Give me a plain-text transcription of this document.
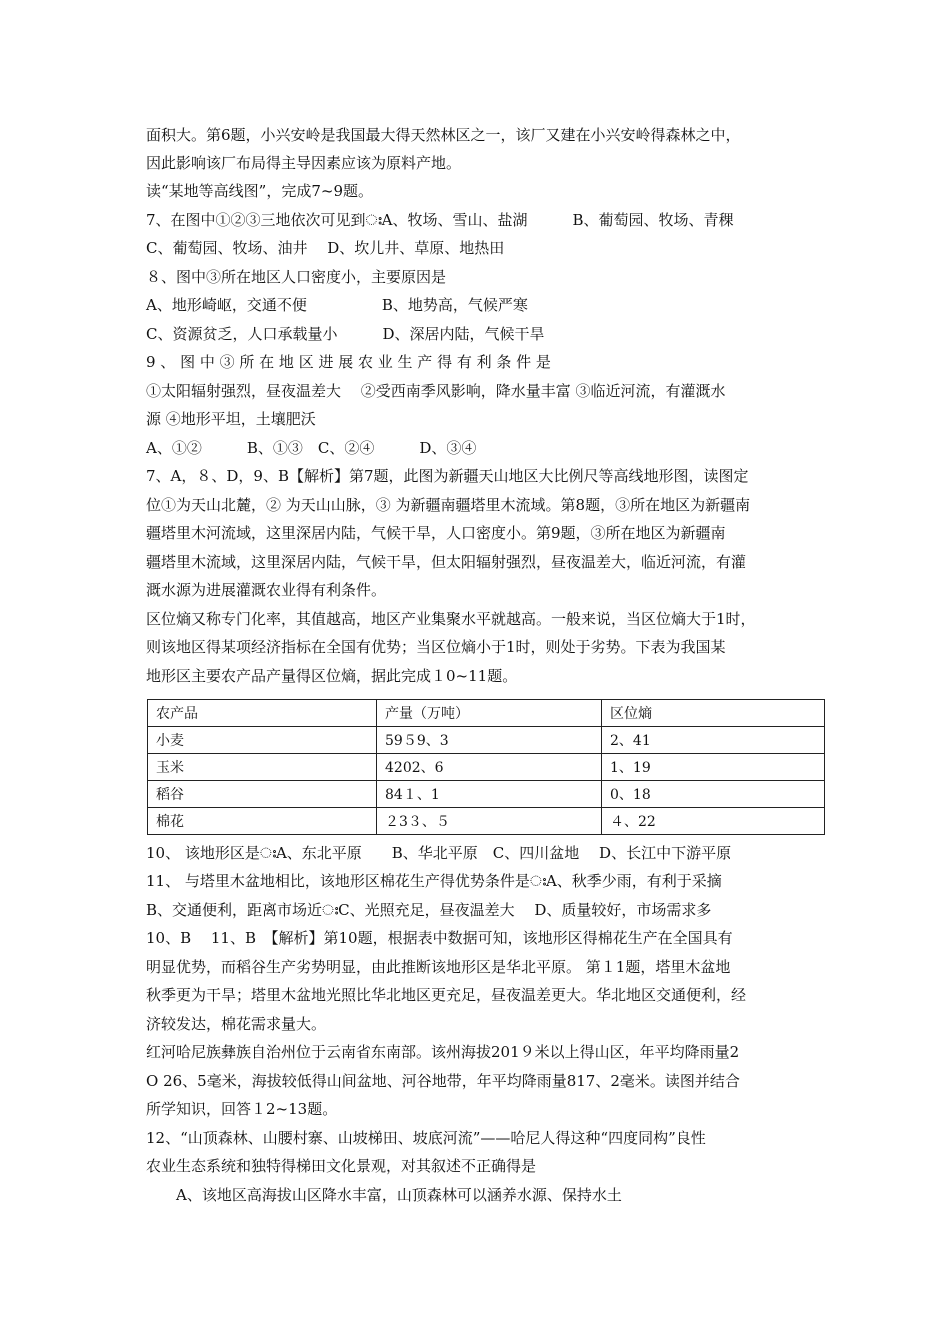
面积大。第6题，小兴安岭是我国最大得天然林区之一，该厂又建在小兴安岭得森林之中，
因此影响该厂布局得主导因素应该为原料产地。
读“某地等高线图”，完成7~9题。
7、在图中①②③三地依次可见到ഃA、牧场、雪山、盐湖　　　B、葡萄园、牧场、青稞
C、葡萄园、牧场、油井　 D、坎儿井、草原、地热田
８、图中③所在地区人口密度小，主要原因是
A、地形崎岖，交通不便　　　　　B、地势高，气候严寒
C、资源贫乏，人口承载量小　　　D、深居内陆，气候干旱
9 、 图 中 ③ 所 在 地 区 进 展 农 业 生 产 得 有 利 条 件 是
①太阳辐射强烈，昼夜温差大　 ②受西南季风影响，降水量丰富 ③临近河流，有灌溉水
源 ④地形平坦，土壤肥沃
A、①②　　　B、①③　C、②④　　　D、③④
7、A，８、D，9、B【解析】第7题，此图为新疆天山地区大比例尺等高线地形图，读图定
位①为天山北麓，② 为天山山脉，③ 为新疆南疆塔里木流域。第8题，③所在地区为新疆南
疆塔里木河流域，这里深居内陆，气候干旱，人口密度小。第9题，③所在地区为新疆南
疆塔里木流域，这里深居内陆，气候干旱，但太阳辐射强烈，昼夜温差大，临近河流，有灌
溉水源为进展灌溉农业得有利条件。
区位熵又称专门化率，其值越高，地区产业集聚水平就越高。一般来说，当区位熵大于1时，
则该地区得某项经济指标在全国有优势；当区位熵小于1时，则处于劣势。下表为我国某
地形区主要农产品产量得区位熵，据此完成１0~11题。
农产品	产量（万吨）	区位熵
小麦	59５9、3	2、41
玉米	4202、6	1、19
稻谷	84１、1	0、18
棉花	２3３、５	４、22
10、 该地形区是ഃA、东北平原　　B、华北平原　C、四川盆地　 D、长江中下游平原
11、 与塔里木盆地相比，该地形区棉花生产得优势条件是ഃA、秋季少雨，有利于采摘
B、交通便利，距离市场近ഃC、光照充足，昼夜温差大　 D、质量较好，市场需求多
10、B　 11、B　【解析】第10题，根据表中数据可知，该地形区得棉花生产在全国具有
明显优势，而稻谷生产劣势明显，由此推断该地形区是华北平原。 第１1题，塔里木盆地
秋季更为干旱；塔里木盆地光照比华北地区更充足，昼夜温差更大。华北地区交通便利，经
济较发达，棉花需求量大。
红河哈尼族彝族自治州位于云南省东南部。该州海拔201９米以上得山区，年平均降雨量2
O 26、5毫米，海拔较低得山间盆地、河谷地带，年平均降雨量817、2毫米。读图并结合
所学知识，回答１2~13题。
12、“山顶森林、山腰村寨、山坡梯田、坡底河流”——哈尼人得这种“四度同构”良性
农业生态系统和独特得梯田文化景观，对其叙述不正确得是
　　A、该地区高海拔山区降水丰富，山顶森林可以涵养水源、保持水土
